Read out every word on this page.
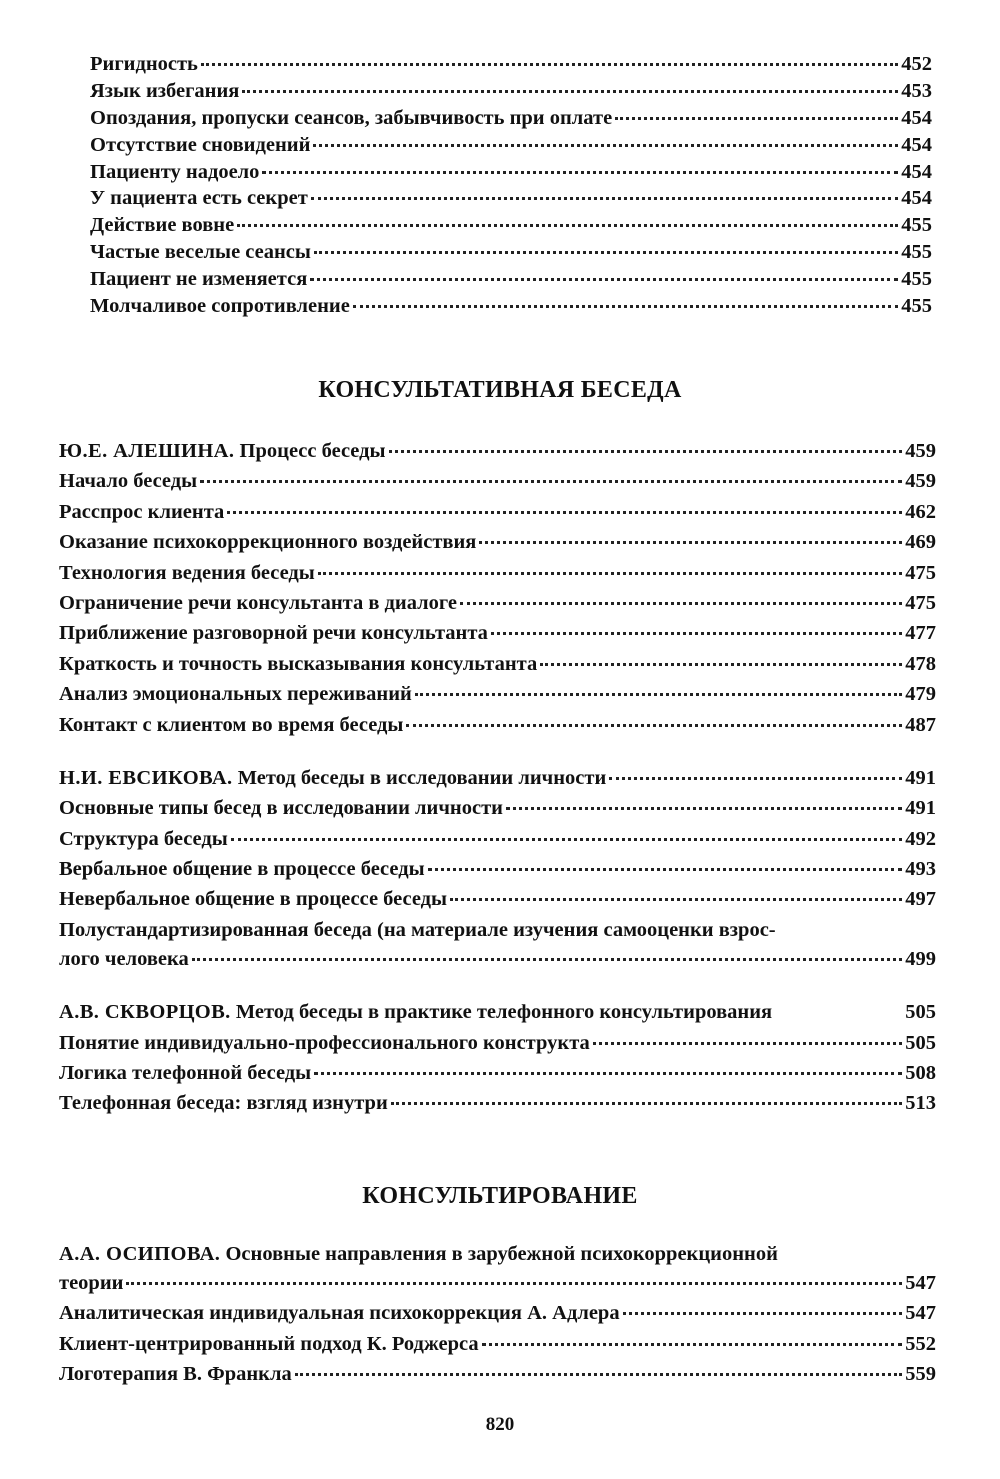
Ригидность	452
Язык избегания	453
Опоздания, пропуски сеансов, забывчивость при оплате	454
Отсутствие сновидений	454
Пациенту надоело	454
У пациента есть секрет	454
Действие вовне	455
Частые веселые сеансы	455
Пациент не изменяется	455
Молчаливое сопротивление	455
КОНСУЛЬТАТИВНАЯ БЕСЕДА
Ю.Е. АЛЕШИНА. Процесс беседы	459
Начало беседы	459
Расспрос клиента	462
Оказание психокоррекционного воздействия	469
Технология ведения беседы	475
Ограничение речи консультанта в диалоге	475
Приближение разговорной речи консультанта	477
Краткость и точность высказывания консультанта	478
Анализ эмоциональных переживаний	479
Контакт с клиентом во время беседы	487
Н.И. ЕВСИКОВА. Метод беседы в исследовании личности	491
Основные типы бесед в исследовании личности	491
Структура беседы	492
Вербальное общение в процессе беседы	493
Невербальное общение в процессе беседы	497
Полустандартизированная беседа (на материале изучения самооценки взрос-
лого человека	499
А.В. СКВОРЦОВ. Метод беседы в практике телефонного консультирования	505
Понятие индивидуально-профессионального конструкта	505
Логика телефонной беседы	508
Телефонная беседа: взгляд изнутри	513
КОНСУЛЬТИРОВАНИЕ
А.А. ОСИПОВА. Основные направления в зарубежной психокоррекционной
теории	547
Аналитическая индивидуальная психокоррекция А. Адлера	547
Клиент-центрированный подход К. Роджерса	552
Логотерапия В. Франкла	559
820
